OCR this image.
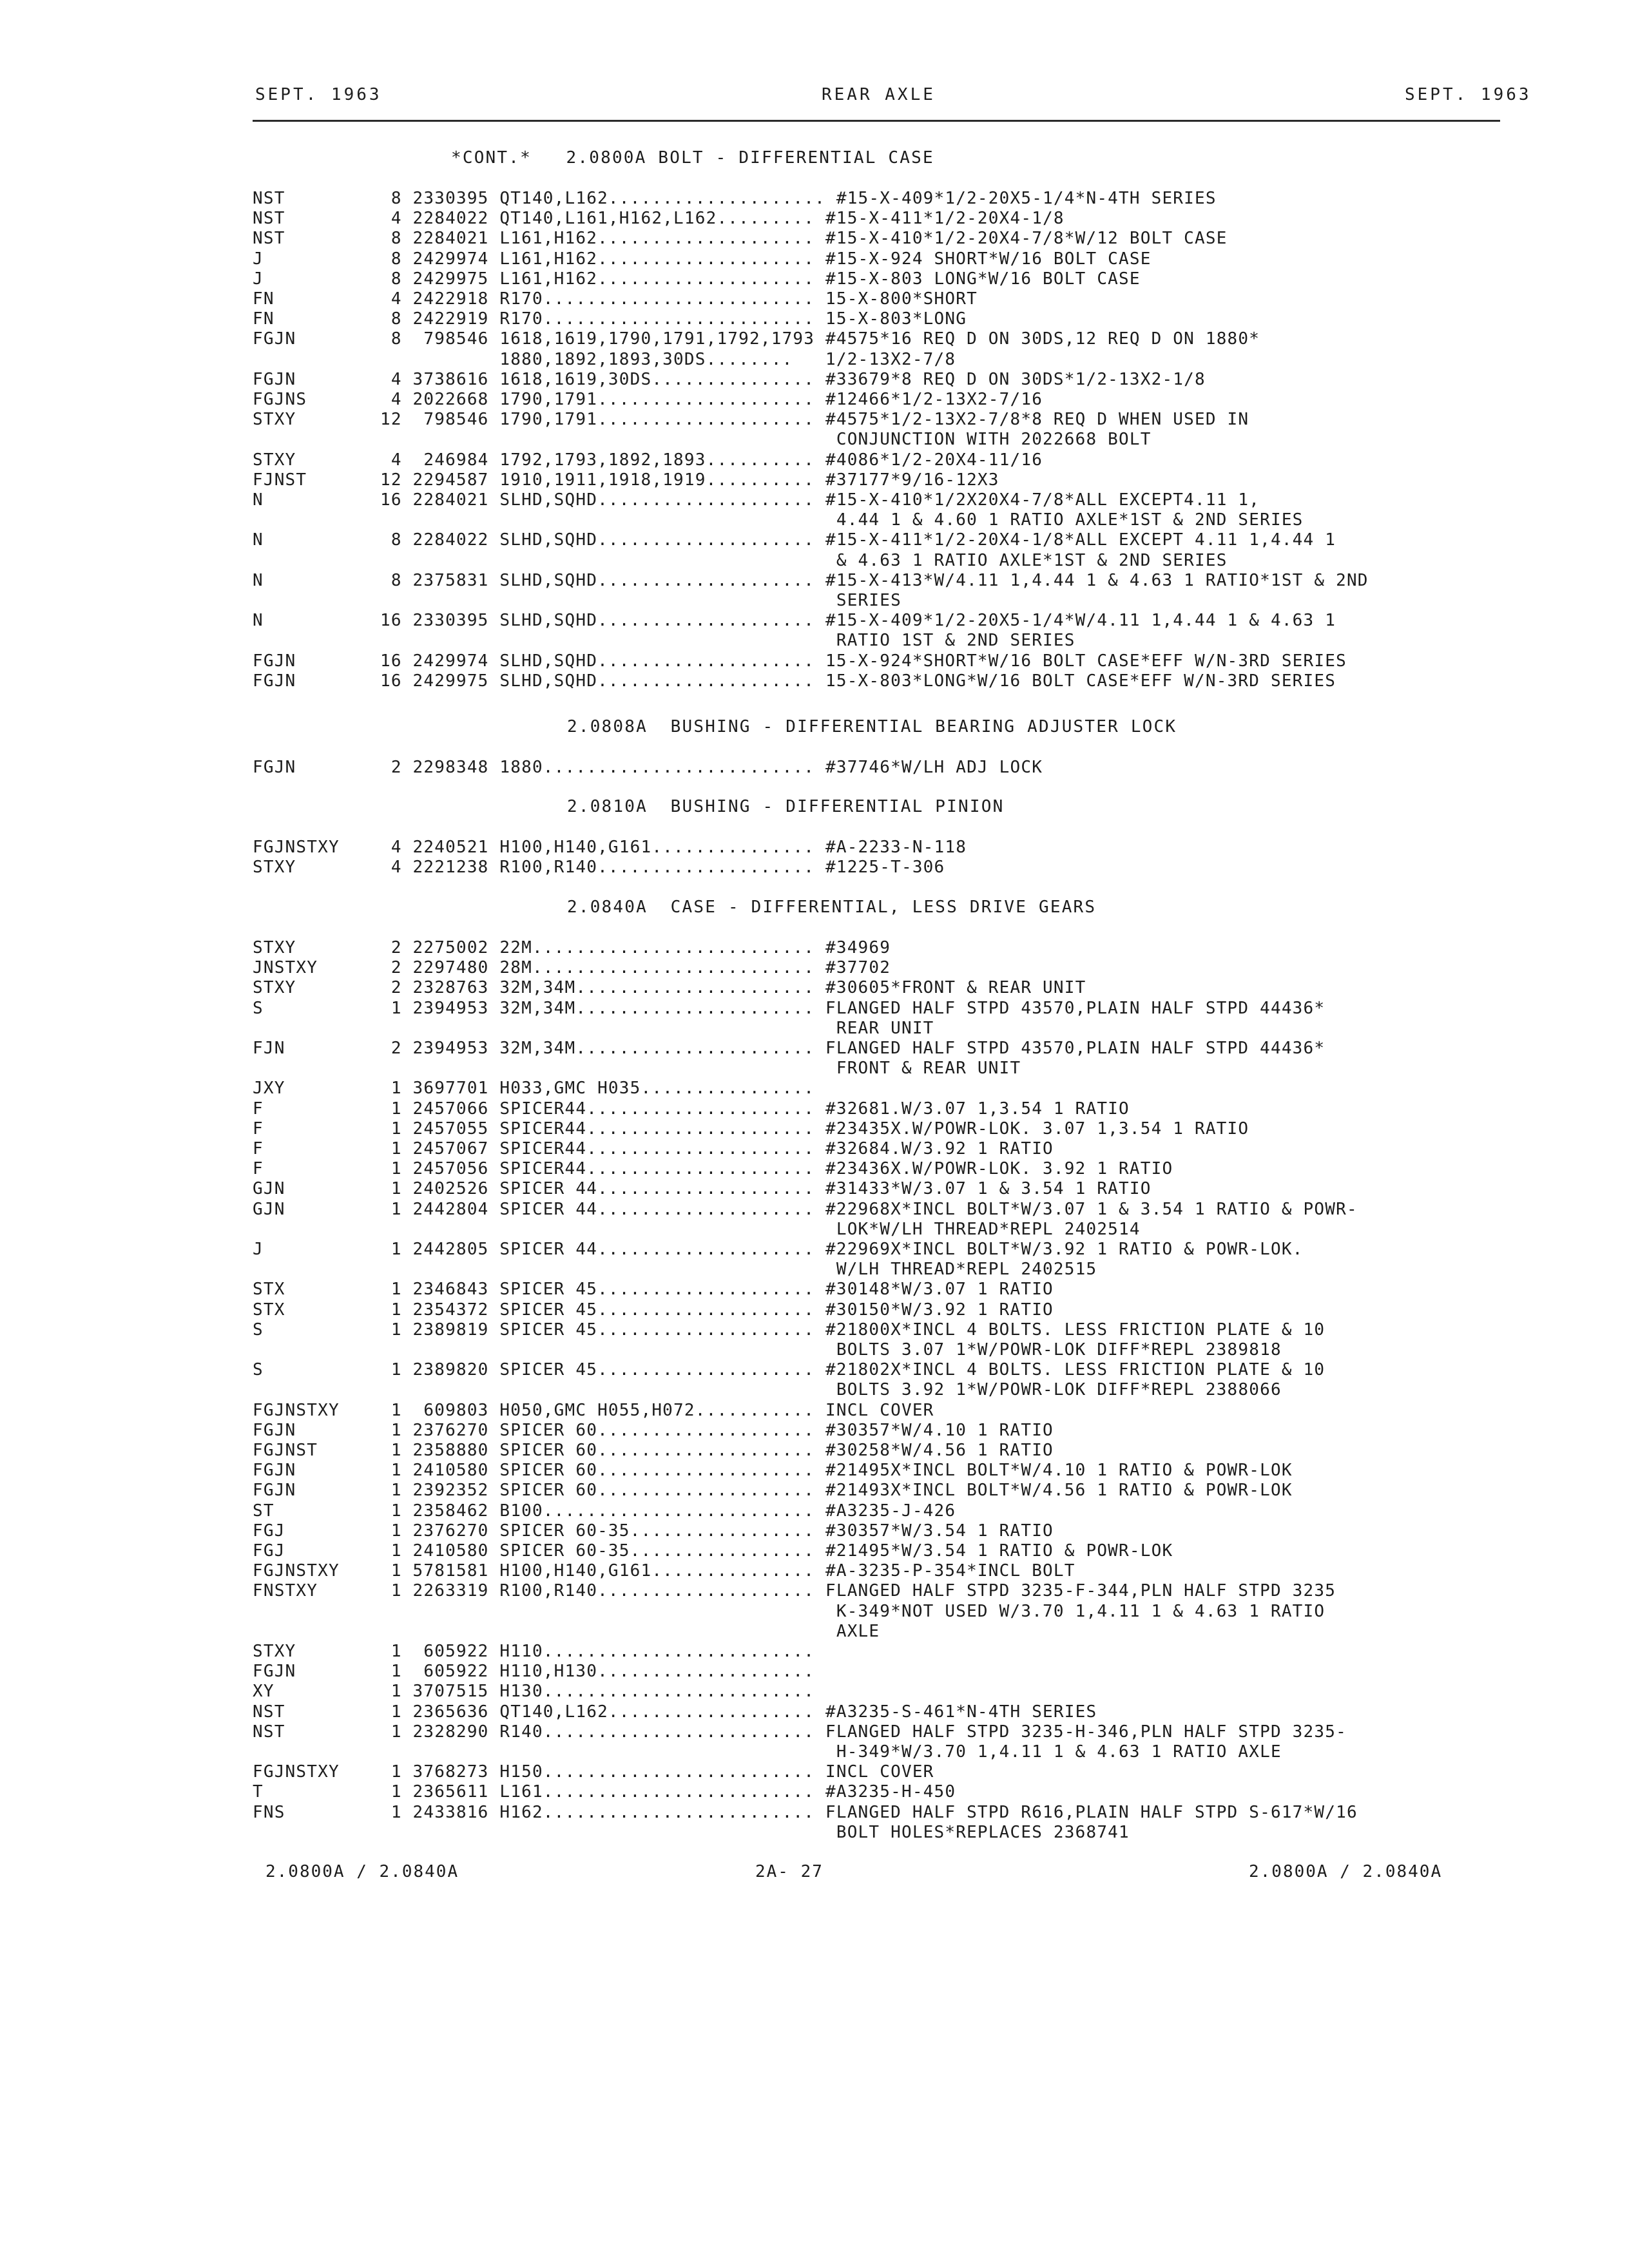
SEPT. 1963	REAR AXLE	SEPT. 1963
*CONT.*   2.0800A BOLT - DIFFERENTIAL CASE
NST	8 2330395 QT140,L162.................... #15-X-409*1/2-20X5-1/4*N-4TH SERIES
NST	4 2284022 QT140,L161,H162,L162......... #15-X-411*1/2-20X4-1/8
NST	8 2284021 L161,H162.................... #15-X-410*1/2-20X4-7/8*W/12 BOLT CASE
J	8 2429974 L161,H162.................... #15-X-924 SHORT*W/16 BOLT CASE
J	8 2429975 L161,H162.................... #15-X-803 LONG*W/16 BOLT CASE
FN	4 2422918 R170......................... 15-X-800*SHORT
FN	8 2422919 R170......................... 15-X-803*LONG
FGJN	8  798546 1618,1619,1790,1791,1792,1793 #4575*16 REQ D ON 30DS,12 REQ D ON 1880*
1880,1892,1893,30DS........   1/2-13X2-7/8
FGJN	4 3738616 1618,1619,30DS............... #33679*8 REQ D ON 30DS*1/2-13X2-1/8
FGJNS	4 2022668 1790,1791.................... #12466*1/2-13X2-7/16
STXY	12  798546 1790,1791.................... #4575*1/2-13X2-7/8*8 REQ D WHEN USED IN
CONJUNCTION WITH 2022668 BOLT
STXY	4  246984 1792,1793,1892,1893.......... #4086*1/2-20X4-11/16
FJNST	12 2294587 1910,1911,1918,1919.......... #37177*9/16-12X3
N	16 2284021 SLHD,SQHD.................... #15-X-410*1/2X20X4-7/8*ALL EXCEPT4.11 1,
4.44 1 & 4.60 1 RATIO AXLE*1ST & 2ND SERIES
N	8 2284022 SLHD,SQHD.................... #15-X-411*1/2-20X4-1/8*ALL EXCEPT 4.11 1,4.44 1
& 4.63 1 RATIO AXLE*1ST & 2ND SERIES
N	8 2375831 SLHD,SQHD.................... #15-X-413*W/4.11 1,4.44 1 & 4.63 1 RATIO*1ST & 2ND
SERIES
N	16 2330395 SLHD,SQHD.................... #15-X-409*1/2-20X5-1/4*W/4.11 1,4.44 1 & 4.63 1
RATIO 1ST & 2ND SERIES
FGJN	16 2429974 SLHD,SQHD.................... 15-X-924*SHORT*W/16 BOLT CASE*EFF W/N-3RD SERIES
FGJN	16 2429975 SLHD,SQHD.................... 15-X-803*LONG*W/16 BOLT CASE*EFF W/N-3RD SERIES
2.0808A  BUSHING - DIFFERENTIAL BEARING ADJUSTER LOCK
FGJN	2 2298348 1880......................... #37746*W/LH ADJ LOCK
2.0810A  BUSHING - DIFFERENTIAL PINION
FGJNSTXY 4 2240521 H100,H140,G161............... #A-2233-N-118
STXY	4 2221238 R100,R140.................... #1225-T-306
2.0840A  CASE - DIFFERENTIAL, LESS DRIVE GEARS
STXY	2 2275002 22M.......................... #34969
JNSTXY	2 2297480 28M.......................... #37702
STXY	2 2328763 32M,34M...................... #30605*FRONT & REAR UNIT
S	1 2394953 32M,34M...................... FLANGED HALF STPD 43570,PLAIN HALF STPD 44436*
REAR UNIT
FJN	2 2394953 32M,34M...................... FLANGED HALF STPD 43570,PLAIN HALF STPD 44436*
FRONT & REAR UNIT
JXY	1 3697701 H033,GMC H035................
F	1 2457066 SPICER44..................... #32681.W/3.07 1,3.54 1 RATIO
F	1 2457055 SPICER44..................... #23435X.W/POWR-LOK. 3.07 1,3.54 1 RATIO
F	1 2457067 SPICER44..................... #32684.W/3.92 1 RATIO
F	1 2457056 SPICER44..................... #23436X.W/POWR-LOK. 3.92 1 RATIO
GJN	1 2402526 SPICER 44.................... #31433*W/3.07 1 & 3.54 1 RATIO
GJN	1 2442804 SPICER 44.................... #22968X*INCL BOLT*W/3.07 1 & 3.54 1 RATIO & POWR-
LOK*W/LH THREAD*REPL 2402514
J	1 2442805 SPICER 44.................... #22969X*INCL BOLT*W/3.92 1 RATIO & POWR-LOK.
W/LH THREAD*REPL 2402515
STX	1 2346843 SPICER 45.................... #30148*W/3.07 1 RATIO
STX	1 2354372 SPICER 45.................... #30150*W/3.92 1 RATIO
S	1 2389819 SPICER 45.................... #21800X*INCL 4 BOLTS. LESS FRICTION PLATE & 10
BOLTS 3.07 1*W/POWR-LOK DIFF*REPL 2389818
S	1 2389820 SPICER 45.................... #21802X*INCL 4 BOLTS. LESS FRICTION PLATE & 10
BOLTS 3.92 1*W/POWR-LOK DIFF*REPL 2388066
FGJNSTXY 1  609803 H050,GMC H055,H072........... INCL COVER
FGJN	1 2376270 SPICER 60.................... #30357*W/4.10 1 RATIO
FGJNST	1 2358880 SPICER 60.................... #30258*W/4.56 1 RATIO
FGJN	1 2410580 SPICER 60.................... #21495X*INCL BOLT*W/4.10 1 RATIO & POWR-LOK
FGJN	1 2392352 SPICER 60.................... #21493X*INCL BOLT*W/4.56 1 RATIO & POWR-LOK
ST	1 2358462 B100......................... #A3235-J-426
FGJ	1 2376270 SPICER 60-35................. #30357*W/3.54 1 RATIO
FGJ	1 2410580 SPICER 60-35................. #21495*W/3.54 1 RATIO & POWR-LOK
FGJNSTXY 1 5781581 H100,H140,G161............... #A-3235-P-354*INCL BOLT
FNSTXY	1 2263319 R100,R140.................... FLANGED HALF STPD 3235-F-344,PLN HALF STPD 3235
K-349*NOT USED W/3.70 1,4.11 1 & 4.63 1 RATIO
AXLE
STXY	1  605922 H110.........................
FGJN	1  605922 H110,H130....................
XY	1 3707515 H130.........................
NST	1 2365636 QT140,L162................... #A3235-S-461*N-4TH SERIES
NST	1 2328290 R140......................... FLANGED HALF STPD 3235-H-346,PLN HALF STPD 3235-
H-349*W/3.70 1,4.11 1 & 4.63 1 RATIO AXLE
FGJNSTXY 1 3768273 H150......................... INCL COVER
T	1 2365611 L161......................... #A3235-H-450
FNS	1 2433816 H162......................... FLANGED HALF STPD R616,PLAIN HALF STPD S-617*W/16
BOLT HOLES*REPLACES 2368741
2.0800A / 2.0840A	2A- 27	2.0800A / 2.0840A
